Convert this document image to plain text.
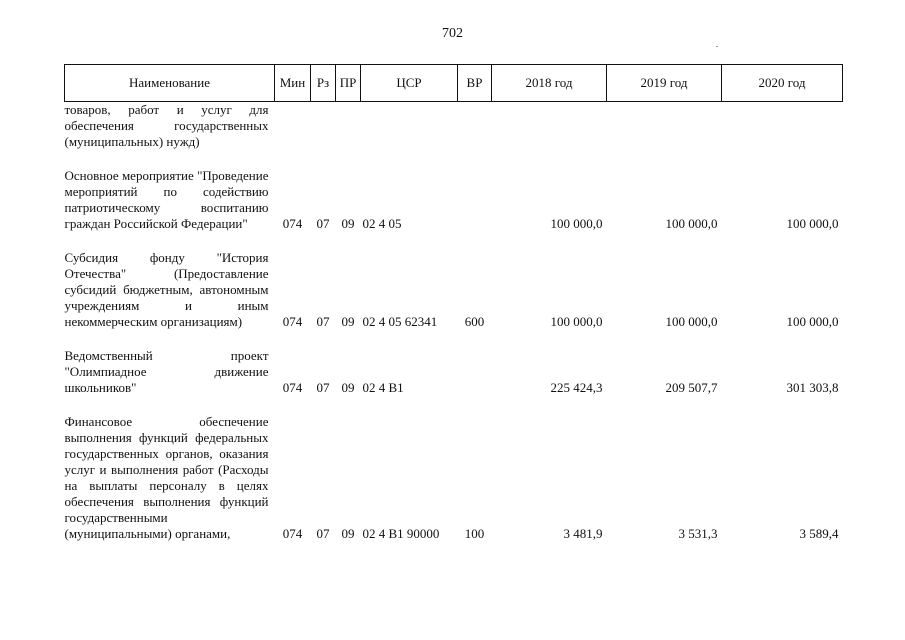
702
Наименование	Мин	Рз	ПР	ЦСР	ВР	2018 год	2019 год	2020 год
товаров, работ и услуг для обеспечения государственных (муниципальных) нужд)								

Основное мероприятие "Проведение мероприятий по содействию патриотическому воспитанию граждан Российской Федерации"	074	07	09	02 4 05		100 000,0	100 000,0	100 000,0

Субсидия фонду "История Отечества" (Предоставление субсидий бюджетным, автономным учреждениям и иным некоммерческим организациям)	074	07	09	02 4 05 62341	600	100 000,0	100 000,0	100 000,0

Ведомственный проект "Олимпиадное движение школьников"	074	07	09	02 4 B1		225 424,3	209 507,7	301 303,8

Финансовое обеспечение выполнения функций федеральных государственных органов, оказания услуг и выполнения работ (Расходы на выплаты персоналу в целях обеспечения выполнения функций государственными (муниципальными) органами,	074	07	09	02 4 B1 90000	100	3 481,9	3 531,3	3 589,4
